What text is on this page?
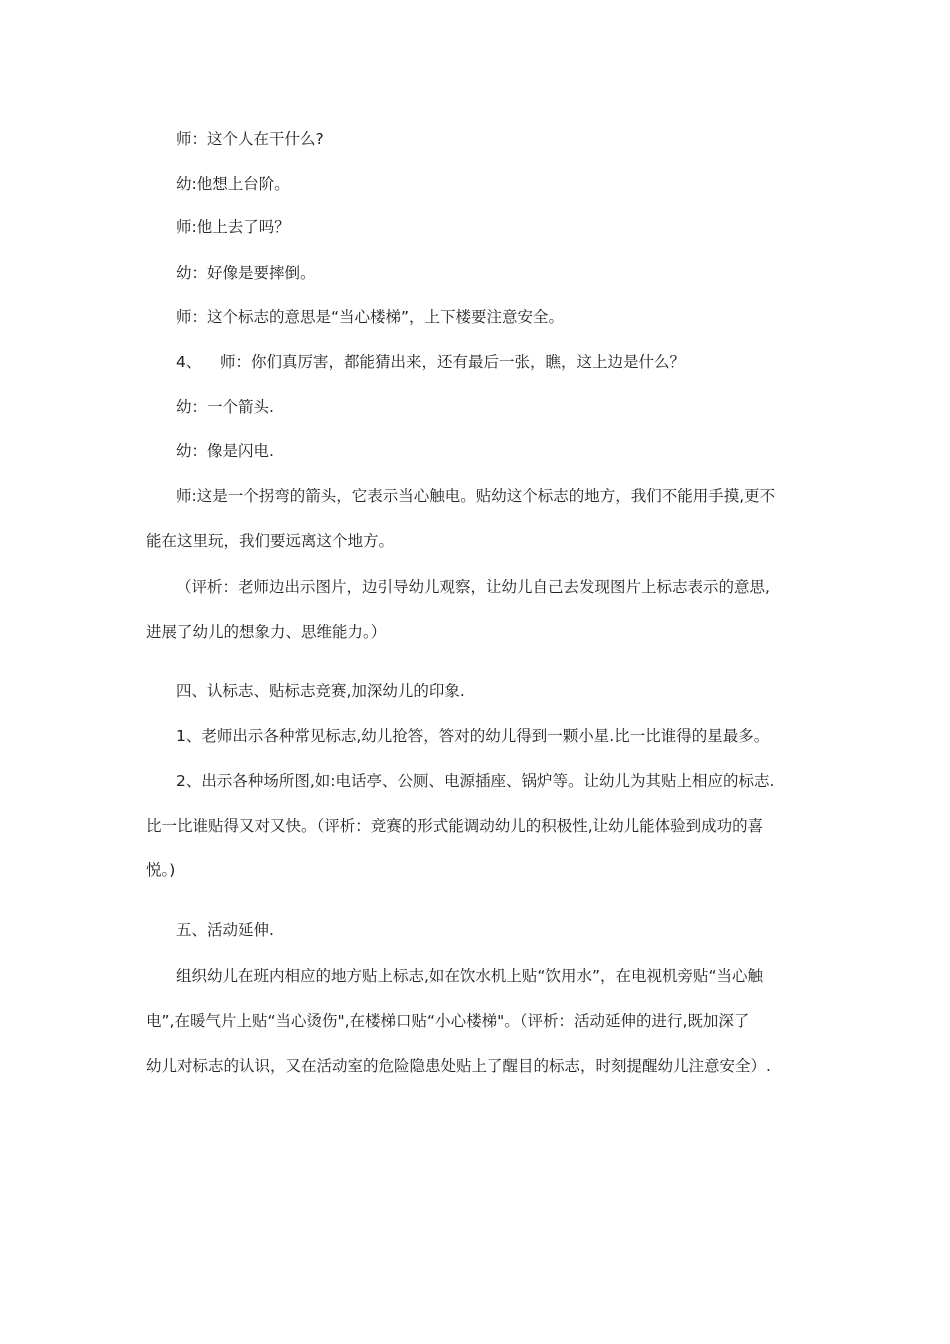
师：这个人在干什么?

幼:他想上台阶。

师:他上去了吗？

幼：好像是要摔倒。

师：这个标志的意思是“当心楼梯”，上下楼要注意安全。

4、 师：你们真厉害，都能猜出来，还有最后一张，瞧，这上边是什么？

幼：一个箭头.

幼：像是闪电.

师:这是一个拐弯的箭头，它表示当心触电。贴幼这个标志的地方，我们不能用手摸,更不

能在这里玩，我们要远离这个地方。

（评析：老师边出示图片，边引导幼儿观察，让幼儿自己去发现图片上标志表示的意思,

进展了幼儿的想象力、思维能力。）

四、认标志、贴标志竞赛,加深幼儿的印象.

1、老师出示各种常见标志,幼儿抢答，答对的幼儿得到一颗小星.比一比谁得的星最多。

2、出示各种场所图,如:电话亭、公厕、电源插座、锅炉等。让幼儿为其贴上相应的标志.

比一比谁贴得又对又快。（评析：竞赛的形式能调动幼儿的积极性,让幼儿能体验到成功的喜

悦。)

五、活动延伸.

组织幼儿在班内相应的地方贴上标志,如在饮水机上贴“饮用水”，在电视机旁贴“当心触

电”,在暖气片上贴“当心烫伤",在楼梯口贴“小心楼梯"。（评析：活动延伸的进行,既加深了

幼儿对标志的认识，又在活动室的危险隐患处贴上了醒目的标志，时刻提醒幼儿注意安全）.
